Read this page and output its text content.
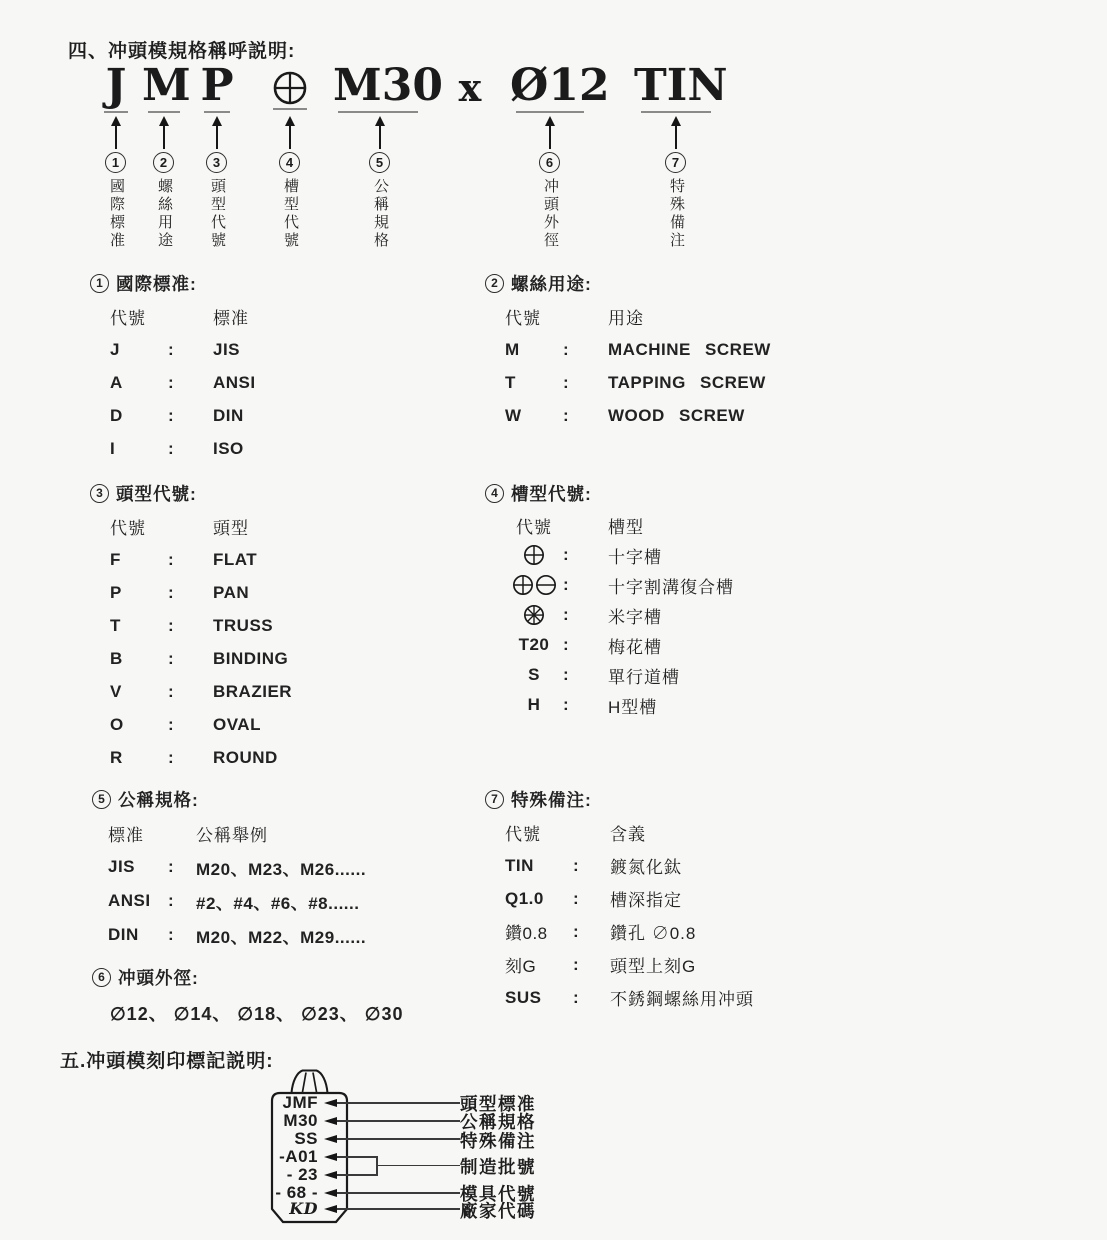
四、冲頭模規格稱呼説明:
J M P M30 x Ø12 TIN
1	2	3	4	5	6	7
國際標准 螺絲用途 頭型代號	槽型代號	公稱規格	冲頭外徑	特殊備注
1 國際標准:
代號	標准
J	:	JIS
A	:	ANSI
D	:	DIN
I	:	ISO
2 螺絲用途:
代號	用途
M	:	MACHINE SCREW
T	:	TAPPING SCREW
W	:	WOOD SCREW
3 頭型代號:
代號	頭型
F	:	FLAT
P	:	PAN
T	:	TRUSS
B	:	BINDING
V	:	BRAZIER
O	:	OVAL
R	:	ROUND
4 槽型代號:
代號	槽型
:	十字槽
:	十字割溝復合槽
:	米字槽
T20 :	梅花槽
S	:	單行道槽
H	:	H型槽
5 公稱規格:
標准	公稱舉例
JIS	:	M20、M23、M26......
ANSI	:	#2、#4、#6、#8......
DIN	:	M20、M22、M29......
6 冲頭外徑:
∅12、 ∅14、 ∅18、 ∅23、 ∅30
7 特殊備注:
代號	含義
TIN	:	鍍氮化鈦
Q1.0	:	槽深指定
鑽0.8	:	鑽孔 ∅0.8
刻G	:	頭型上刻G
SUS	:	不銹鋼螺絲用冲頭
五.冲頭模刻印標記説明:
JMF
M30
SS
-A01
- 23
- 68 -
KD
頭型標准
公稱規格
特殊備注
制造批號
模具代號
廠家代碼
